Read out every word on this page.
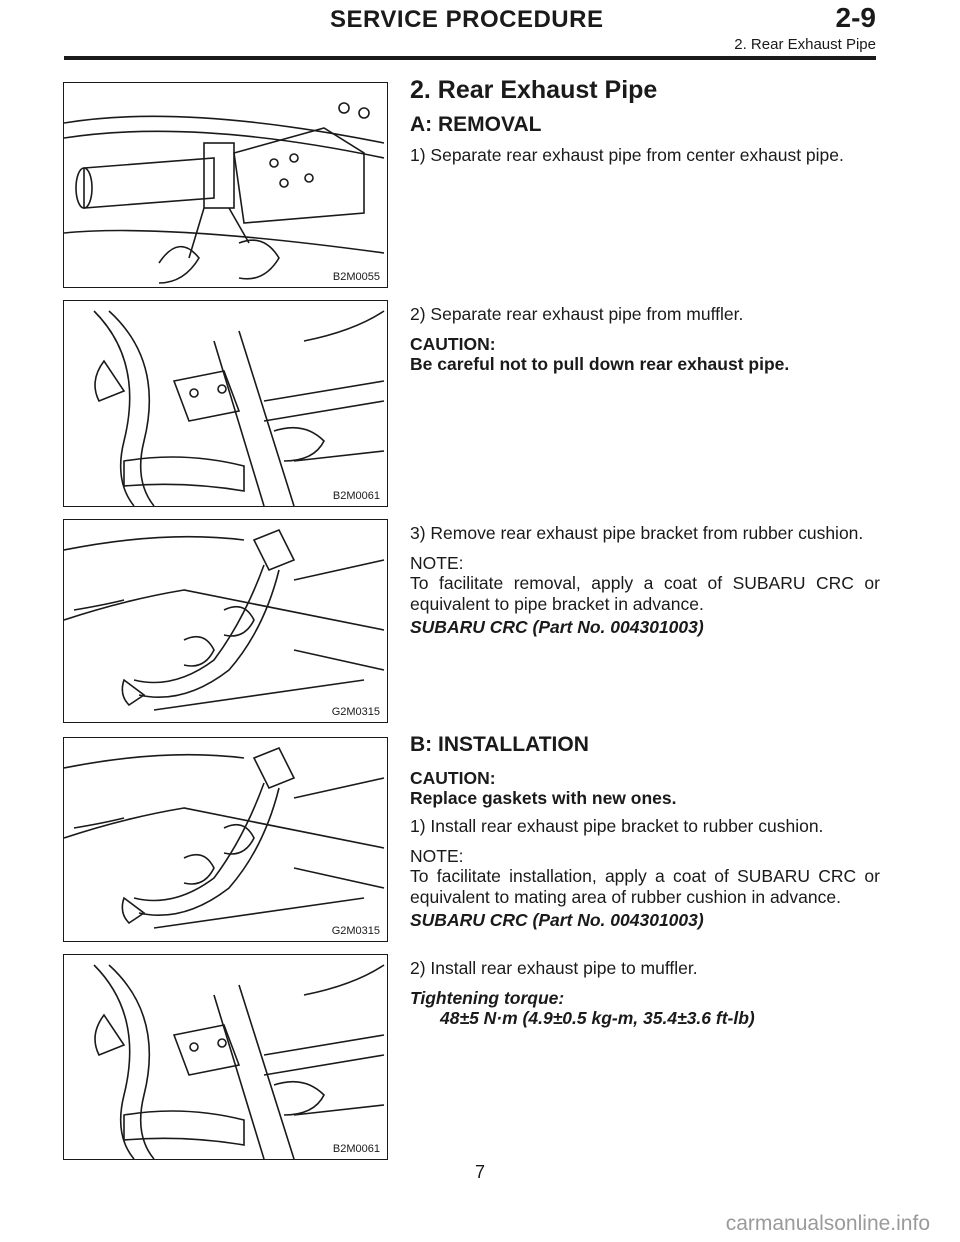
SERVICE PROCEDURE	2-9
2. Rear Exhaust Pipe
B2M0055
B2M0061
G2M0315
G2M0315
B2M0061
2. Rear Exhaust Pipe
A: REMOVAL
1) Separate rear exhaust pipe from center exhaust pipe.
2) Separate rear exhaust pipe from muffler.
CAUTION:
Be careful not to pull down rear exhaust pipe.
3) Remove rear exhaust pipe bracket from rubber cushion.
NOTE:
To facilitate removal, apply a coat of SUBARU CRC or equivalent to pipe bracket in advance.
SUBARU CRC (Part No. 004301003)
B: INSTALLATION
CAUTION:
Replace gaskets with new ones.
1) Install rear exhaust pipe bracket to rubber cushion.
NOTE:
To facilitate installation, apply a coat of SUBARU CRC or equivalent to mating area of rubber cushion in advance.
SUBARU CRC (Part No. 004301003)
2) Install rear exhaust pipe to muffler.
Tightening torque:
48±5 N·m (4.9±0.5 kg-m, 35.4±3.6 ft-lb)
7
carmanualsonline.info
